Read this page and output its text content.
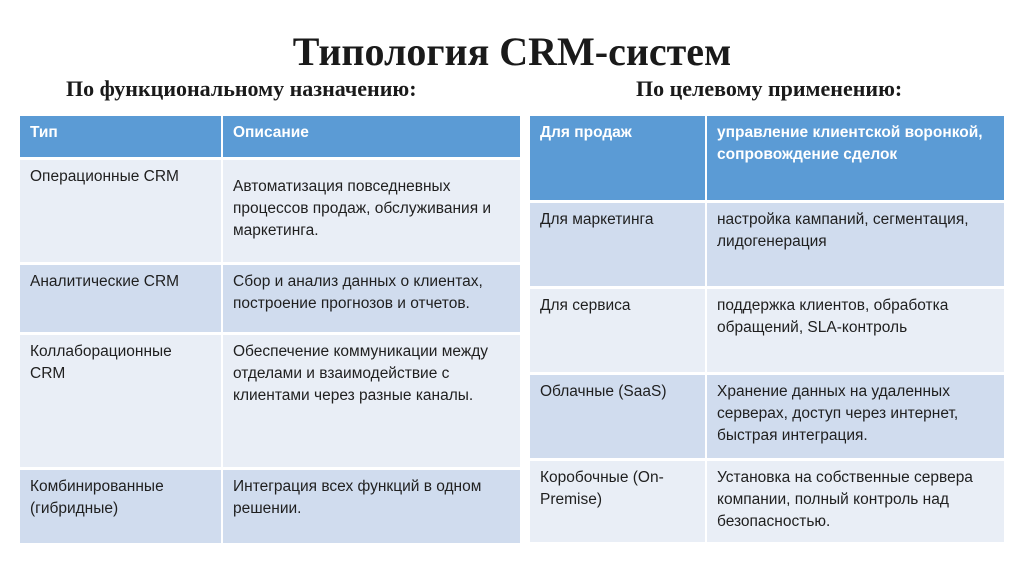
Типология CRM-систем
По функциональному назначению:	По целевому применению:
Тип	Описание
Операционные CRM	Автоматизация повседневных процессов продаж, обслуживания и маркетинга.
Аналитические CRM	Сбор и анализ данных о клиентах, построение прогнозов и отчетов.
Коллаборационные CRM	Обеспечение коммуникации между отделами и взаимодействие с клиентами через разные каналы.
Комбинированные (гибридные)	Интеграция всех функций в одном решении.
Для продаж	управление клиентской воронкой, сопровождение сделок
Для маркетинга	настройка кампаний, сегментация, лидогенерация
Для сервиса	поддержка клиентов, обработка обращений, SLA-контроль
Облачные (SaaS)	Хранение данных на удаленных серверах, доступ через интернет, быстрая интеграция.
Коробочные (On-Premise)	Установка на собственные сервера компании, полный контроль над безопасностью.
